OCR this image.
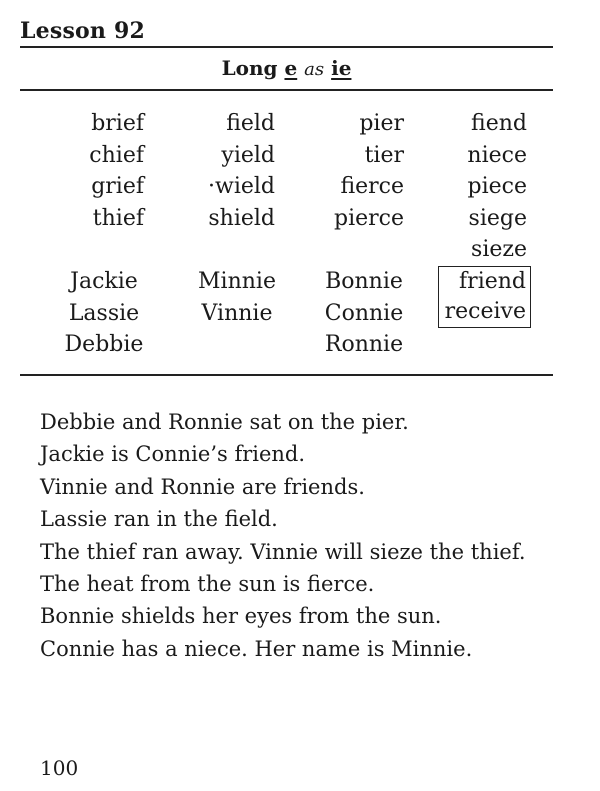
Lesson 92

Long e as ie

brief
chief
grief
thief
field
yield
·wield
shield
pier
tier
fierce
pierce
fiend
niece
piece
siege
sieze
Jackie
Lassie
Debbie
Minnie
Vinnie
Bonnie
Connie
Ronnie
friend
receive
Debbie and Ronnie sat on the pier.
Jackie is Connie’s friend.
Vinnie and Ronnie are friends.
Lassie ran in the field.
The thief ran away. Vinnie will sieze the thief.
The heat from the sun is fierce.
Bonnie shields her eyes from the sun.
Connie has a niece. Her name is Minnie.

100
